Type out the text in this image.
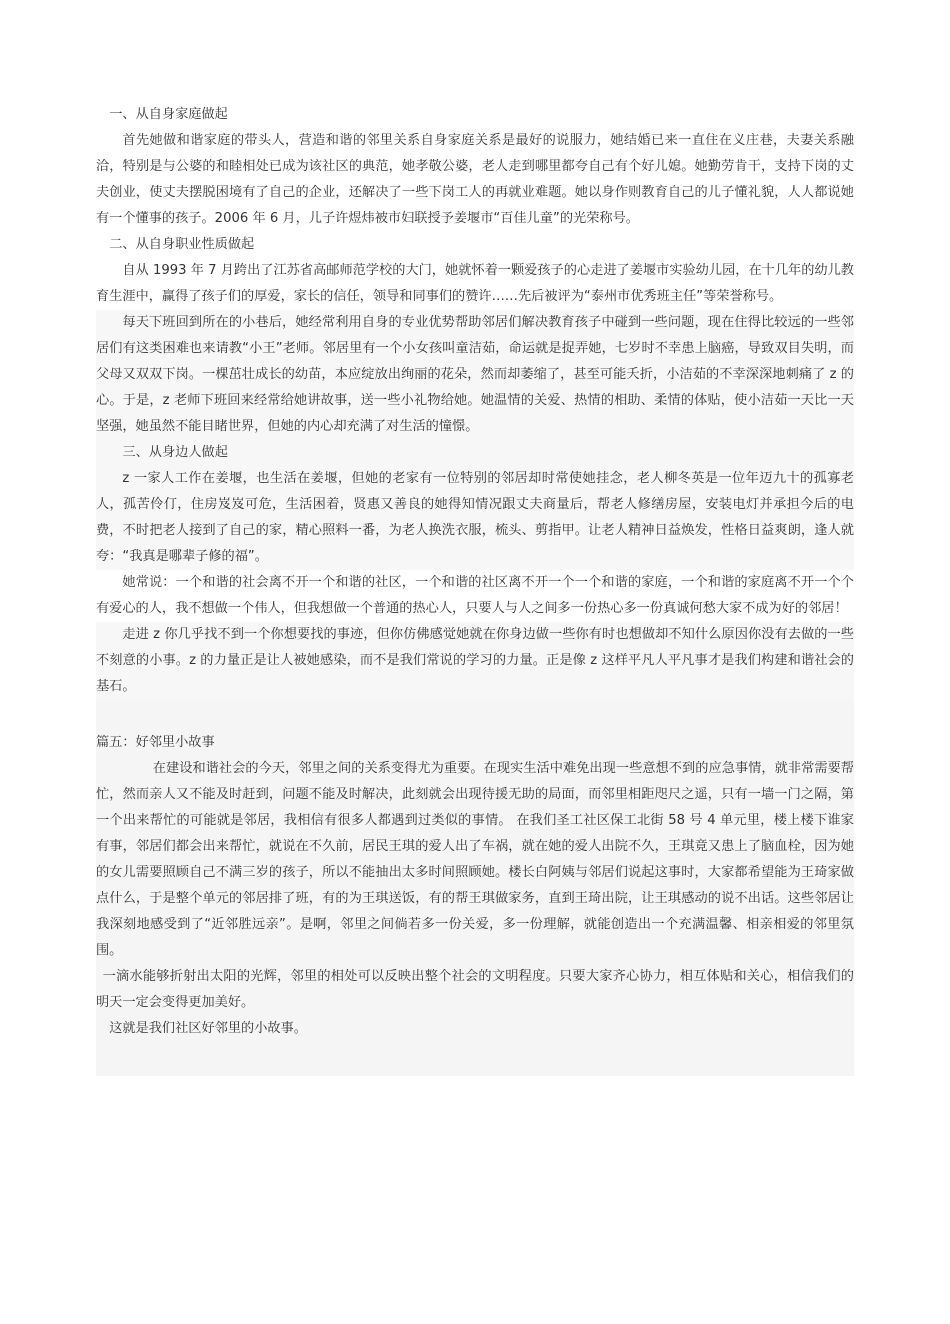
一、从自身家庭做起

首先她做和谐家庭的带头人，营造和谐的邻里关系自身家庭关系是最好的说服力，她结婚已来一直住在义庄巷，夫妻关系融洽，特别是与公婆的和睦相处已成为该社区的典范，她孝敬公婆，老人走到哪里都夸自己有个好儿媳。她勤劳肯干，支持下岗的丈夫创业，使丈夫摆脱困境有了自己的企业，还解决了一些下岗工人的再就业难题。她以身作则教育自己的儿子懂礼貌，人人都说她有一个懂事的孩子。2006 年 6 月，儿子许煜炜被市妇联授予姜堰市“百佳儿童”的光荣称号。

二、从自身职业性质做起

自从 1993 年 7 月跨出了江苏省高邮师范学校的大门，她就怀着一颗爱孩子的心走进了姜堰市实验幼儿园，在十几年的幼儿教育生涯中，赢得了孩子们的厚爱，家长的信任，领导和同事们的赞许……先后被评为“泰州市优秀班主任”等荣誉称号。

每天下班回到所在的小巷后，她经常利用自身的专业优势帮助邻居们解决教育孩子中碰到一些问题，现在住得比较远的一些邻居们有这类困难也来请教“小王”老师。邻居里有一个小女孩叫童洁茹，命运就是捉弄她，七岁时不幸患上脑癌，导致双目失明，而父母又双双下岗。一棵茁壮成长的幼苗，本应绽放出绚丽的花朵，然而却萎缩了，甚至可能夭折，小洁茹的不幸深深地刺痛了 z 的心。于是，z 老师下班回来经常给她讲故事，送一些小礼物给她。她温情的关爱、热情的相助、柔情的体贴，使小洁茹一天比一天坚强，她虽然不能目睹世界，但她的内心却充满了对生活的憧憬。

三、从身边人做起

z 一家人工作在姜堰，也生活在姜堰，但她的老家有一位特别的邻居却时常使她挂念，老人柳冬英是一位年迈九十的孤寡老人，孤苦伶仃，住房岌岌可危，生活困着，贤惠又善良的她得知情况跟丈夫商量后，帮老人修缮房屋，安装电灯并承担今后的电费，不时把老人接到了自己的家，精心照料一番，为老人换洗衣服，梳头、剪指甲。让老人精神日益焕发，性格日益爽朗，逢人就夸：“我真是哪辈子修的福”。

她常说：一个和谐的社会离不开一个和谐的社区，一个和谐的社区离不开一个一个和谐的家庭，一个和谐的家庭离不开一个个有爱心的人，我不想做一个伟人，但我想做一个普通的热心人，只要人与人之间多一份热心多一份真诚何愁大家不成为好的邻居！

走进 z 你几乎找不到一个你想要找的事迹，但你仿佛感觉她就在你身边做一些你有时也想做却不知什么原因你没有去做的一些不刻意的小事。z 的力量正是让人被她感染，而不是我们常说的学习的力量。正是像 z 这样平凡人平凡事才是我们构建和谐社会的基石。

篇五：好邻里小故事

在建设和谐社会的今天，邻里之间的关系变得尤为重要。在现实生活中难免出现一些意想不到的应急事情，就非常需要帮忙，然而亲人又不能及时赶到，问题不能及时解决，此刻就会出现待援无助的局面，而邻里相距咫尺之遥，只有一墙一门之隔，第一个出来帮忙的可能就是邻居，我相信有很多人都遇到过类似的事情。 在我们圣工社区保工北街 58 号 4 单元里，楼上楼下谁家有事，邻居们都会出来帮忙，就说在不久前，居民王琪的爱人出了车祸，就在她的爱人出院不久，王琪竟又患上了脑血栓，因为她的女儿需要照顾自己不满三岁的孩子，所以不能抽出太多时间照顾她。楼长白阿姨与邻居们说起这事时，大家都希望能为王琦家做点什么，于是整个单元的邻居排了班，有的为王琪送饭，有的帮王琪做家务，直到王琦出院，让王琪感动的说不出话。这些邻居让我深刻地感受到了“近邻胜远亲”。是啊，邻里之间倘若多一份关爱，多一份理解，就能创造出一个充满温馨、相亲相爱的邻里氛围。

一滴水能够折射出太阳的光辉，邻里的相处可以反映出整个社会的文明程度。只要大家齐心协力，相互体贴和关心，相信我们的明天一定会变得更加美好。

这就是我们社区好邻里的小故事。
